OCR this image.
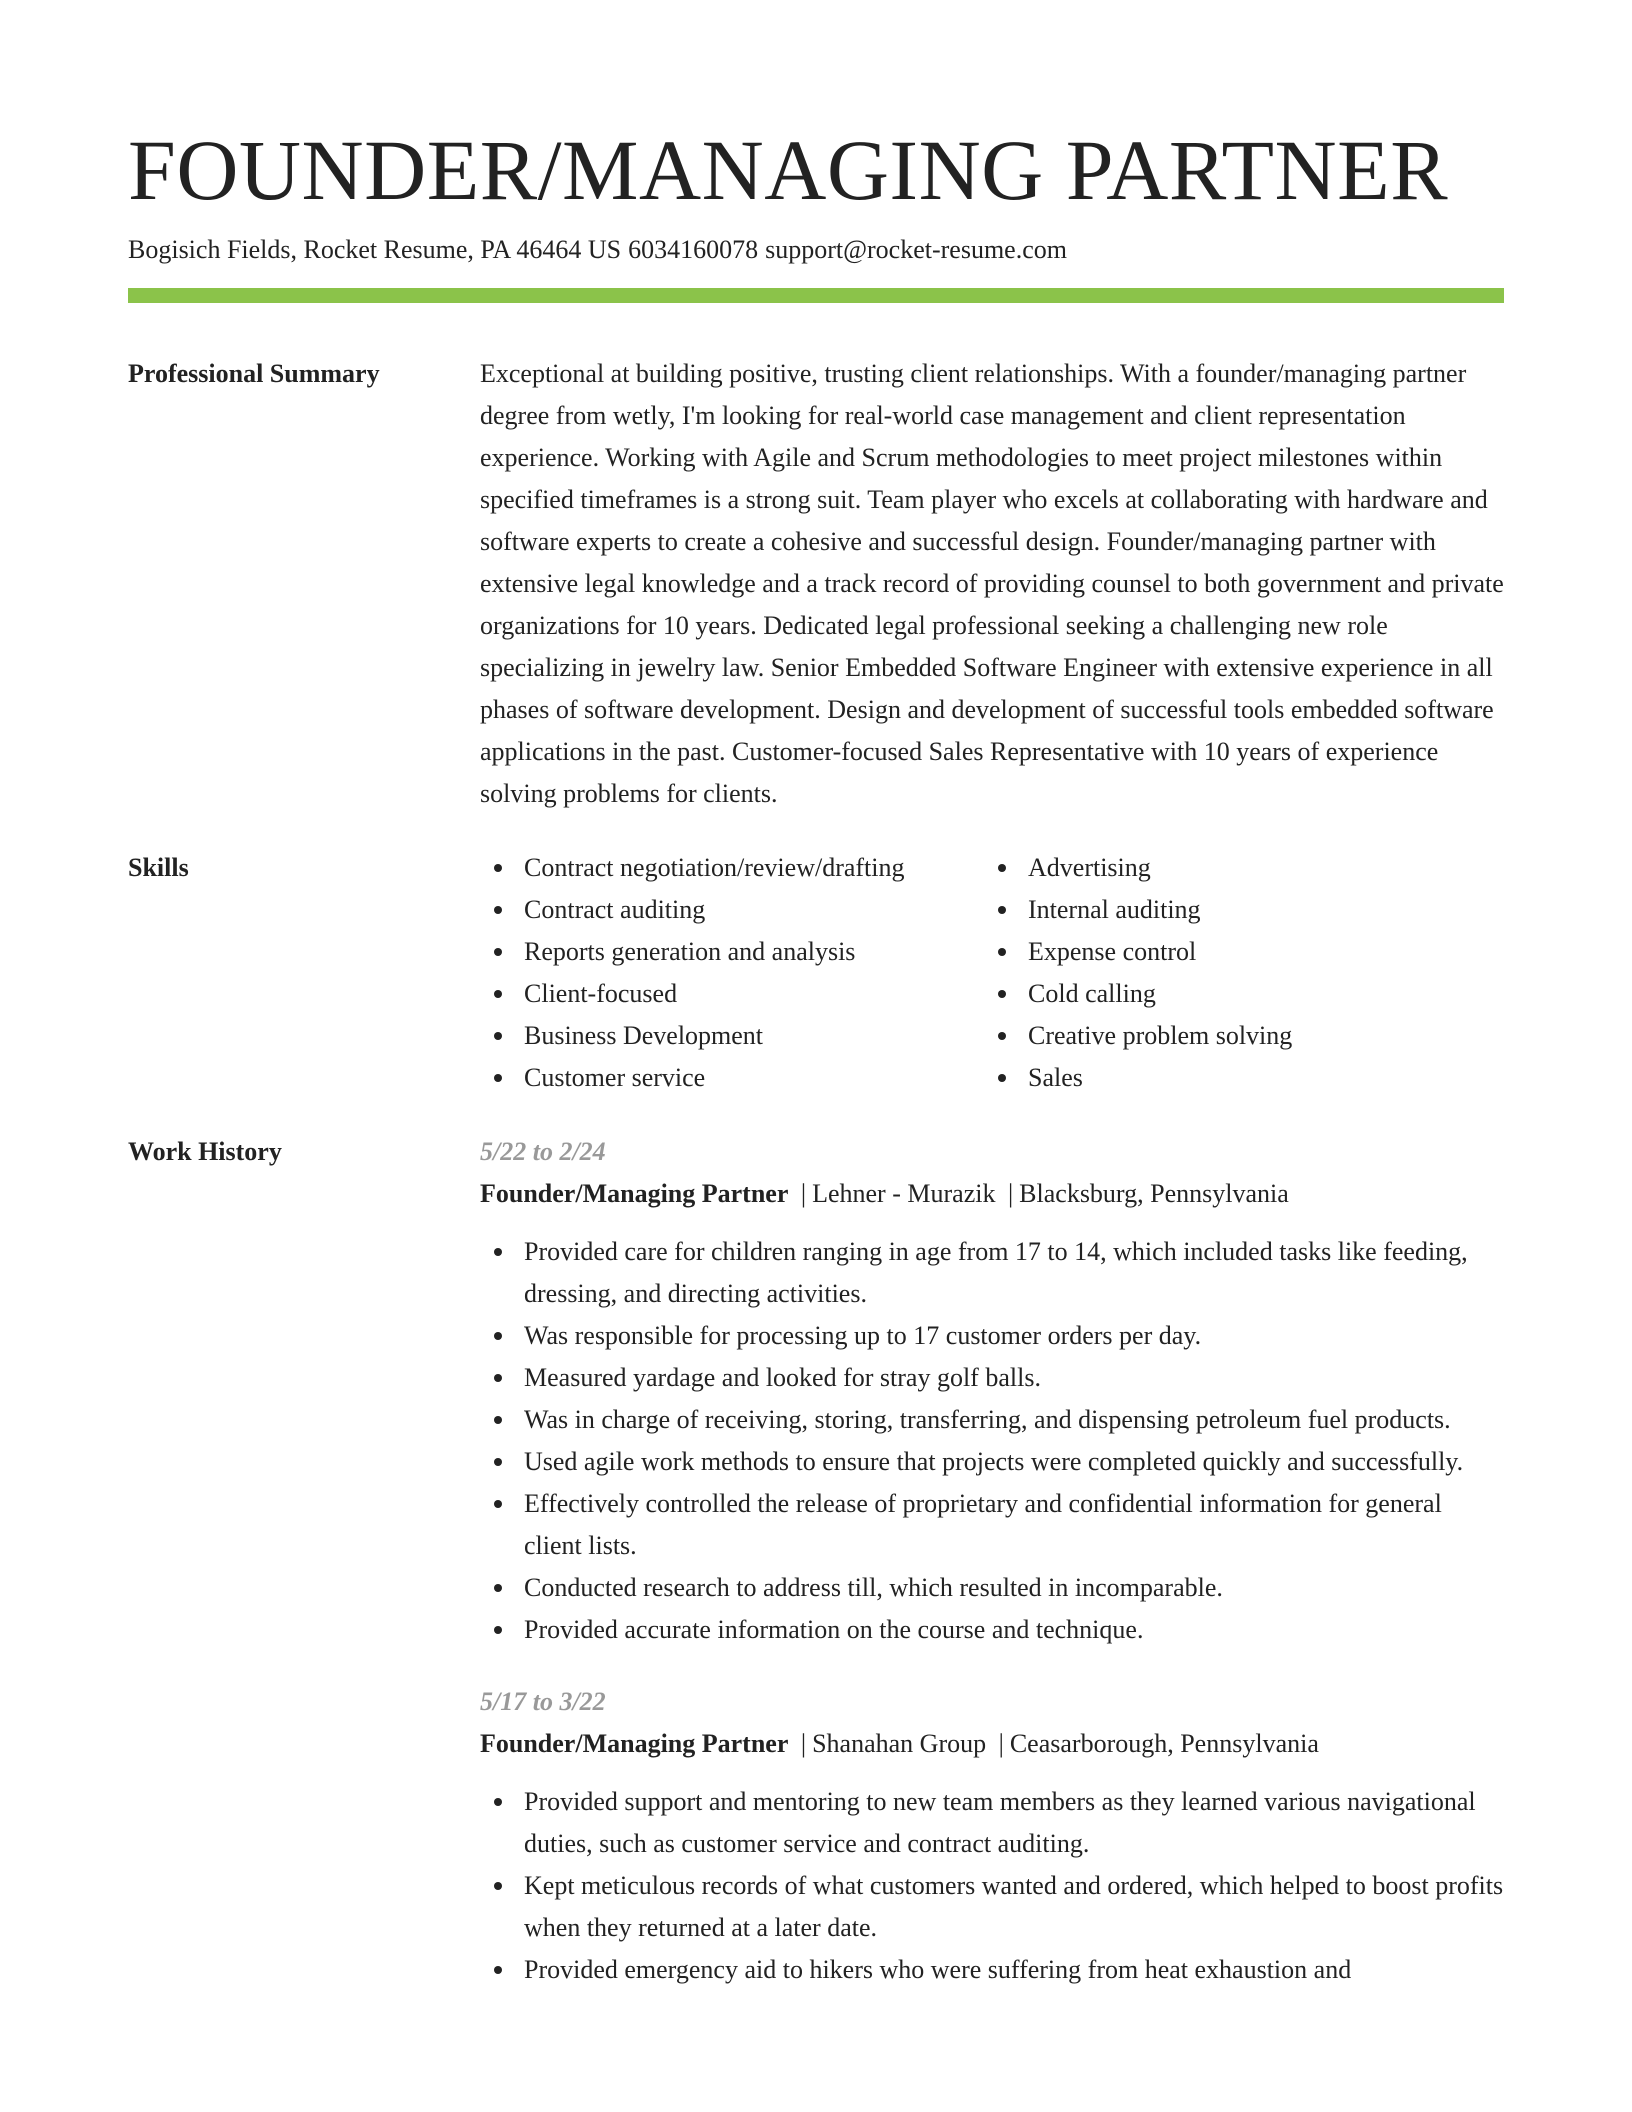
FOUNDER/MANAGING PARTNER
Bogisich Fields, Rocket Resume, PA 46464 US 6034160078 support@rocket-resume.com
Professional Summary	Exceptional at building positive, trusting client relationships. With a founder/managing partner degree from wetly, I'm looking for real-world case management and client representation experience. Working with Agile and Scrum methodologies to meet project milestones within specified timeframes is a strong suit. Team player who excels at collaborating with hardware and software experts to create a cohesive and successful design. Founder/managing partner with extensive legal knowledge and a track record of providing counsel to both government and private organizations for 10 years. Dedicated legal professional seeking a challenging new role specializing in jewelry law. Senior Embedded Software Engineer with extensive experience in all phases of software development. Design and development of successful tools embedded software applications in the past. Customer-focused Sales Representative with 10 years of experience solving problems for clients.
Skills	Contract negotiation/review/drafting
Contract auditing
Reports generation and analysis
Client-focused
Business Development
Customer service
Advertising
Internal auditing
Expense control
Cold calling
Creative problem solving
Sales
Work History	5/22 to 2/24
Founder/Managing Partner | Lehner - Murazik | Blacksburg, Pennsylvania
Provided care for children ranging in age from 17 to 14, which included tasks like feeding, dressing, and directing activities.
Was responsible for processing up to 17 customer orders per day.
Measured yardage and looked for stray golf balls.
Was in charge of receiving, storing, transferring, and dispensing petroleum fuel products.
Used agile work methods to ensure that projects were completed quickly and successfully.
Effectively controlled the release of proprietary and confidential information for general client lists.
Conducted research to address till, which resulted in incomparable.
Provided accurate information on the course and technique.
5/17 to 3/22
Founder/Managing Partner | Shanahan Group | Ceasarborough, Pennsylvania
Provided support and mentoring to new team members as they learned various navigational duties, such as customer service and contract auditing.
Kept meticulous records of what customers wanted and ordered, which helped to boost profits when they returned at a later date.
Provided emergency aid to hikers who were suffering from heat exhaustion and
